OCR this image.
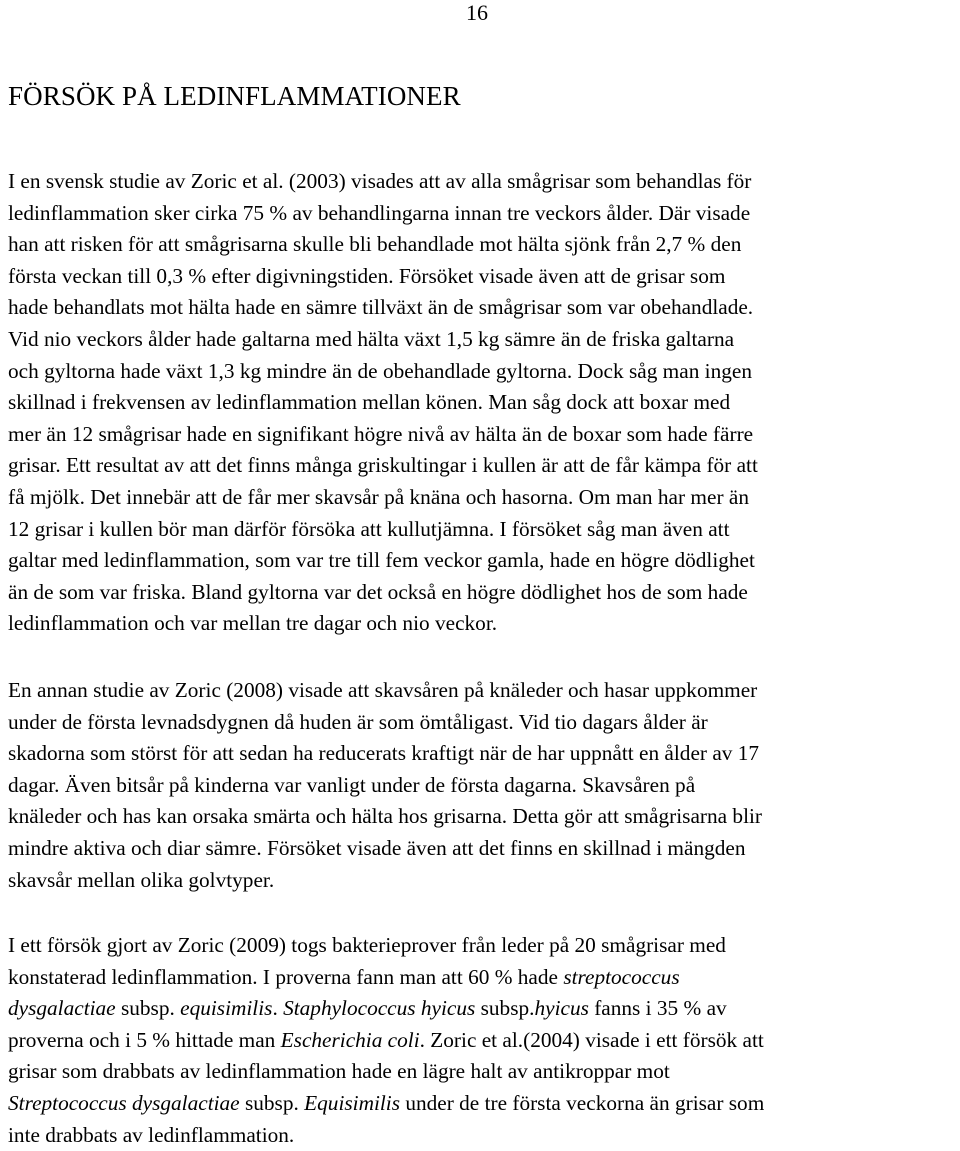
16
FÖRSÖK PÅ LEDINFLAMMATIONER

I en svensk studie av Zoric et al. (2003) visades att av alla smågrisar som behandlas för
ledinflammation sker cirka 75 % av behandlingarna innan tre veckors ålder. Där visade
han att risken för att smågrisarna skulle bli behandlade mot hälta sjönk från 2,7 % den
första veckan till 0,3 % efter digivningstiden. Försöket visade även att de grisar som
hade behandlats mot hälta hade en sämre tillväxt än de smågrisar som var obehandlade.
Vid nio veckors ålder hade galtarna med hälta växt 1,5 kg sämre än de friska galtarna
och gyltorna hade växt 1,3 kg mindre än de obehandlade gyltorna. Dock såg man ingen
skillnad i frekvensen av ledinflammation mellan könen. Man såg dock att boxar med
mer än 12 smågrisar hade en signifikant högre nivå av hälta än de boxar som hade färre
grisar. Ett resultat av att det finns många griskultingar i kullen är att de får kämpa för att
få mjölk. Det innebär att de får mer skavsår på knäna och hasorna. Om man har mer än
12 grisar i kullen bör man därför försöka att kullutjämna. I försöket såg man även att
galtar med ledinflammation, som var tre till fem veckor gamla, hade en högre dödlighet
än de som var friska. Bland gyltorna var det också en högre dödlighet hos de som hade
ledinflammation och var mellan tre dagar och nio veckor.

En annan studie av Zoric (2008) visade att skavsåren på knäleder och hasar uppkommer
under de första levnadsdygnen då huden är som ömtåligast. Vid tio dagars ålder är
skadorna som störst för att sedan ha reducerats kraftigt när de har uppnått en ålder av 17
dagar. Även bitsår på kinderna var vanligt under de första dagarna. Skavsåren på
knäleder och has kan orsaka smärta och hälta hos grisarna. Detta gör att smågrisarna blir
mindre aktiva och diar sämre. Försöket visade även att det finns en skillnad i mängden
skavsår mellan olika golvtyper.

I ett försök gjort av Zoric (2009) togs bakterieprover från leder på 20 smågrisar med
konstaterad ledinflammation. I proverna fann man att 60 % hade streptococcus
dysgalactiae subsp. equisimilis. Staphylococcus hyicus subsp.hyicus fanns i 35 % av
proverna och i 5 % hittade man Escherichia coli. Zoric et al.(2004) visade i ett försök att
grisar som drabbats av ledinflammation hade en lägre halt av antikroppar mot
Streptococcus dysgalactiae subsp. Equisimilis under de tre första veckorna än grisar som
inte drabbats av ledinflammation.
